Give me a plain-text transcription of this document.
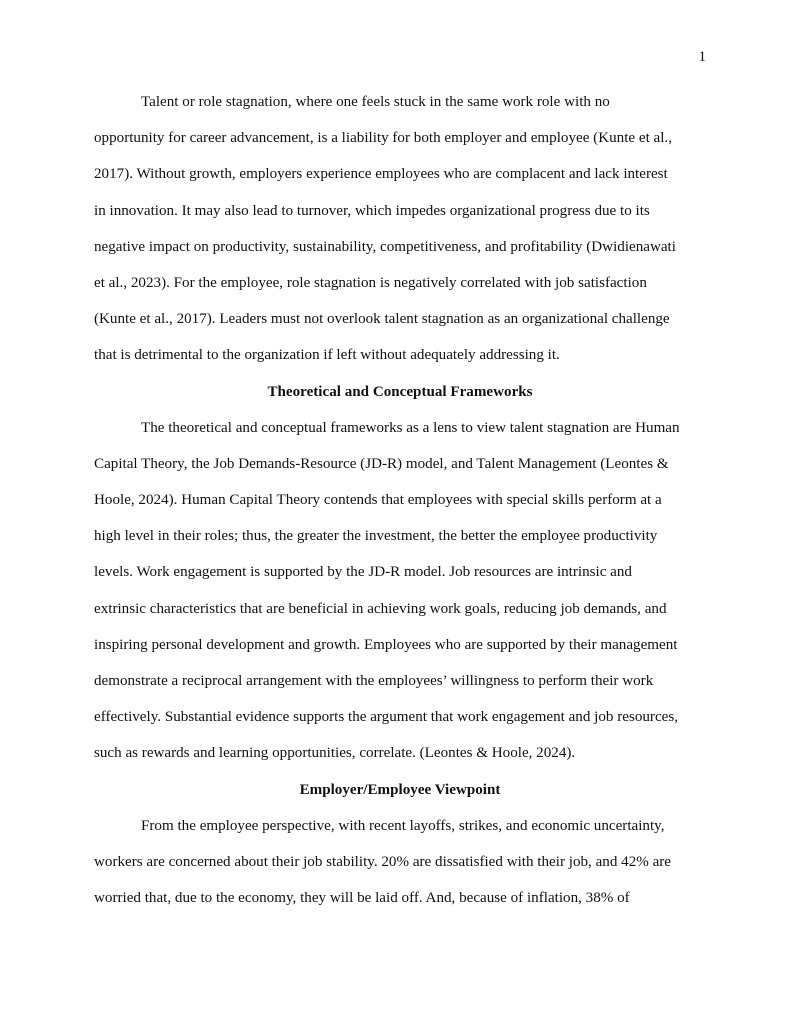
1
Talent or role stagnation, where one feels stuck in the same work role with no
opportunity for career advancement, is a liability for both employer and employee (Kunte et al.,
2017). Without growth, employers experience employees who are complacent and lack interest
in innovation. It may also lead to turnover, which impedes organizational progress due to its
negative impact on productivity, sustainability, competitiveness, and profitability (Dwidienawati
et al., 2023). For the employee, role stagnation is negatively correlated with job satisfaction
(Kunte et al., 2017). Leaders must not overlook talent stagnation as an organizational challenge
that is detrimental to the organization if left without adequately addressing it.
Theoretical and Conceptual Frameworks
The theoretical and conceptual frameworks as a lens to view talent stagnation are Human
Capital Theory, the Job Demands-Resource (JD-R) model, and Talent Management (Leontes &
Hoole, 2024). Human Capital Theory contends that employees with special skills perform at a
high level in their roles; thus, the greater the investment, the better the employee productivity
levels. Work engagement is supported by the JD-R model. Job resources are intrinsic and
extrinsic characteristics that are beneficial in achieving work goals, reducing job demands, and
inspiring personal development and growth. Employees who are supported by their management
demonstrate a reciprocal arrangement with the employees’ willingness to perform their work
effectively. Substantial evidence supports the argument that work engagement and job resources,
such as rewards and learning opportunities, correlate. (Leontes & Hoole, 2024).
Employer/Employee Viewpoint
From the employee perspective, with recent layoffs, strikes, and economic uncertainty,
workers are concerned about their job stability. 20% are dissatisfied with their job, and 42% are
worried that, due to the economy, they will be laid off. And, because of inflation, 38% of
